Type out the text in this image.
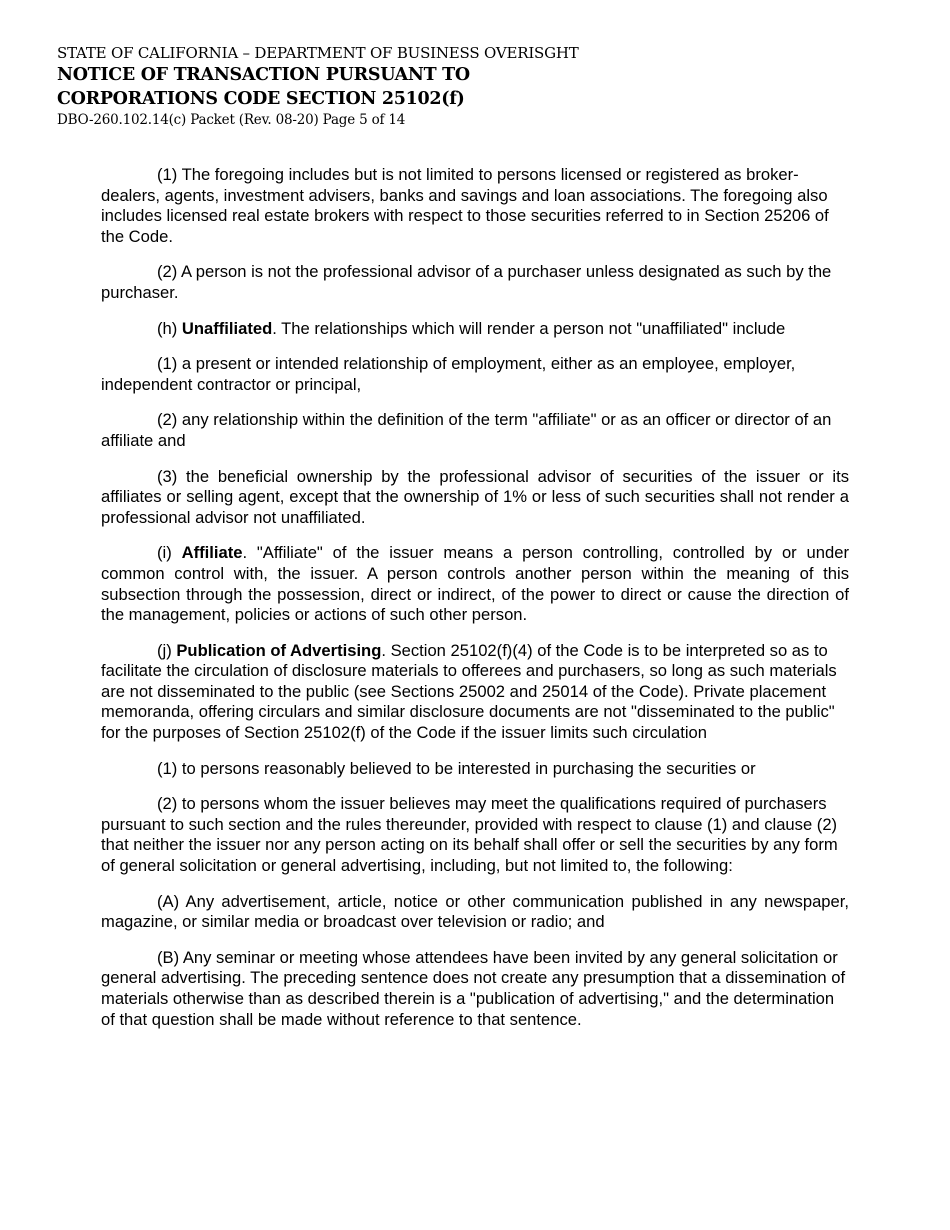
STATE OF CALIFORNIA – DEPARTMENT OF BUSINESS OVERISGHT
NOTICE OF TRANSACTION PURSUANT TO
CORPORATIONS CODE SECTION 25102(f)
DBO-260.102.14(c) Packet (Rev. 08-20) Page 5 of 14

(1) The foregoing includes but is not limited to persons licensed or registered as broker- dealers, agents, investment advisers, banks and savings and loan associations. The foregoing also includes licensed real estate brokers with respect to those securities referred to in Section 25206 of the Code.

(2) A person is not the professional advisor of a purchaser unless designated as such by the purchaser.

(h) Unaffiliated. The relationships which will render a person not "unaffiliated" include

(1) a present or intended relationship of employment, either as an employee, employer, independent contractor or principal,

(2) any relationship within the definition of the term "affiliate" or as an officer or director of an affiliate and

(3) the beneficial ownership by the professional advisor of securities of the issuer or its affiliates or selling agent, except that the ownership of 1% or less of such securities shall not render a professional advisor not unaffiliated.

(i) Affiliate. "Affiliate" of the issuer means a person controlling, controlled by or under common control with, the issuer. A person controls another person within the meaning of this subsection through the possession, direct or indirect, of the power to direct or cause the direction of the management, policies or actions of such other person.

(j) Publication of Advertising. Section 25102(f)(4) of the Code is to be interpreted so as to facilitate the circulation of disclosure materials to offerees and purchasers, so long as such materials are not disseminated to the public (see Sections 25002 and 25014 of the Code). Private placement memoranda, offering circulars and similar disclosure documents are not "disseminated to the public" for the purposes of Section 25102(f) of the Code if the issuer limits such circulation

(1) to persons reasonably believed to be interested in purchasing the securities or

(2) to persons whom the issuer believes may meet the qualifications required of purchasers pursuant to such section and the rules thereunder, provided with respect to clause (1) and clause (2) that neither the issuer nor any person acting on its behalf shall offer or sell the securities by any form of general solicitation or general advertising, including, but not limited to, the following:

(A) Any advertisement, article, notice or other communication published in any newspaper, magazine, or similar media or broadcast over television or radio; and

(B) Any seminar or meeting whose attendees have been invited by any general solicitation or general advertising. The preceding sentence does not create any presumption that a dissemination of materials otherwise than as described therein is a "publication of advertising," and the determination of that question shall be made without reference to that sentence.
